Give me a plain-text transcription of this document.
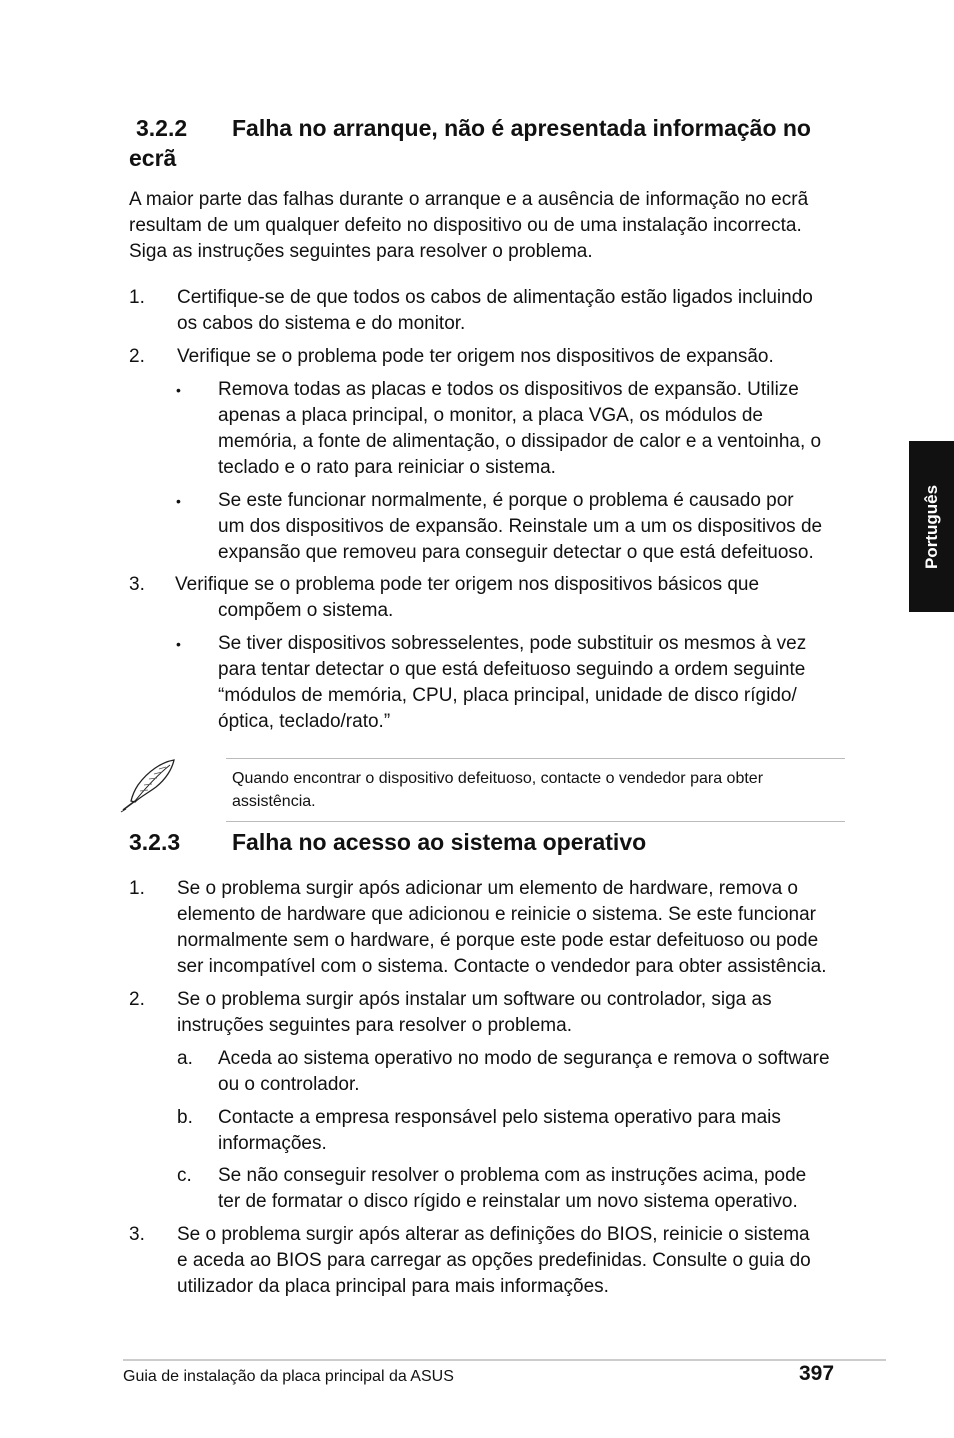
Português
3.2.2 Falha no arranque, não é apresentada informação no
ecrã
A maior parte das falhas durante o arranque e a ausência de informação no ecrã
resultam de um qualquer defeito no dispositivo ou de uma instalação incorrecta.
Siga as instruções seguintes para resolver o problema.
1. Certifique-se de que todos os cabos de alimentação estão ligados incluindo
os cabos do sistema e do monitor.
2. Verifique se o problema pode ter origem nos dispositivos de expansão.
• Remova todas as placas e todos os dispositivos de expansão. Utilize
apenas a placa principal, o monitor, a placa VGA, os módulos de
memória, a fonte de alimentação, o dissipador de calor e a ventoinha, o
teclado e o rato para reiniciar o sistema.
• Se este funcionar normalmente, é porque o problema é causado por
um dos dispositivos de expansão. Reinstale um a um os dispositivos de
expansão que removeu para conseguir detectar o que está defeituoso.
3. Verifique se o problema pode ter origem nos dispositivos básicos que
compõem o sistema.
• Se tiver dispositivos sobresselentes, pode substituir os mesmos à vez
para tentar detectar o que está defeituoso seguindo a ordem seguinte
“módulos de memória, CPU, placa principal, unidade de disco rígido/
óptica, teclado/rato.”
Quando encontrar o dispositivo defeituoso, contacte o vendedor para obter
assistência.
3.2.3 Falha no acesso ao sistema operativo
1. Se o problema surgir após adicionar um elemento de hardware, remova o
elemento de hardware que adicionou e reinicie o sistema. Se este funcionar
normalmente sem o hardware, é porque este pode estar defeituoso ou pode
ser incompatível com o sistema. Contacte o vendedor para obter assistência.
2. Se o problema surgir após instalar um software ou controlador, siga as
instruções seguintes para resolver o problema.
a. Aceda ao sistema operativo no modo de segurança e remova o software
ou o controlador.
b. Contacte a empresa responsável pelo sistema operativo para mais
informações.
c. Se não conseguir resolver o problema com as instruções acima, pode
ter de formatar o disco rígido e reinstalar um novo sistema operativo.
3. Se o problema surgir após alterar as definições do BIOS, reinicie o sistema
e aceda ao BIOS para carregar as opções predefinidas. Consulte o guia do
utilizador da placa principal para mais informações.
Guia de instalação da placa principal da ASUS	397
